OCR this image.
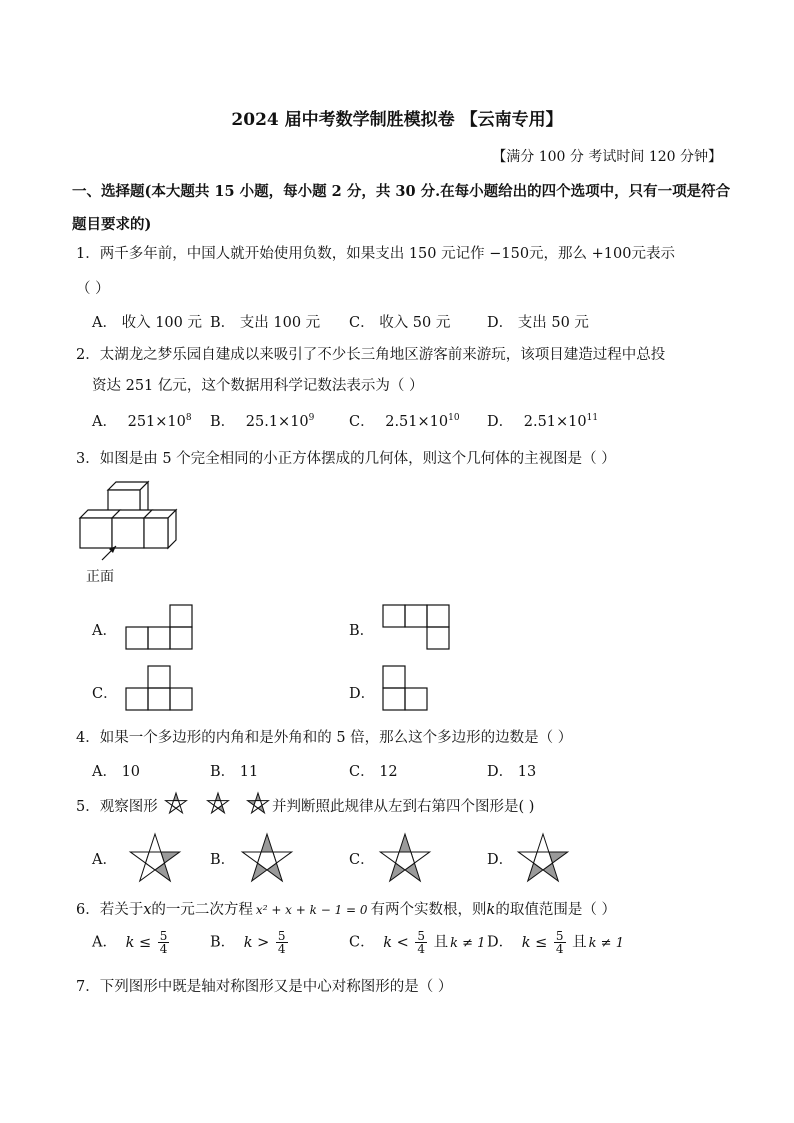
2024 届中考数学制胜模拟卷 【云南专用】
【满分 100 分 考试时间 120 分钟】
一、选择题(本大题共 15 小题，每小题 2 分，共 30 分.在每小题给出的四个选项中，只有一项是符合题目要求的)
1．两千多年前，中国人就开始使用负数，如果支出 150 元记作 −150元，那么 +100元表示
（ ）
A． 收入 100 元 B． 支出 100 元 C． 收入 50 元	D． 支出 50 元
2．太湖龙之梦乐园自建成以来吸引了不少长三角地区游客前来游玩，该项目建造过程中总投
资达 251 亿元，这个数据用科学记数法表示为（ ）
A． $251\times 10^8$ B． $25.1\times 10^9$ C． $2.51\times 10^{10}$ D． $2.51\times 10^{11}$
3．如图是由 5 个完全相同的小正方体摆成的几何体，则这个几何体的主视图是（ ）
正面
A．	B．
C．	D．
4．如果一个多边形的内角和是外角和的 5 倍，那么这个多边形的边数是（ ）
A． 10	B． 11	C． 12	D． 13
5．观察图形	并判断照此规律从左到右第四个图形是( )
A．	B．	C．	D．
6．若关于x的一元二次方程 x² + x + k − 1 = 0 有两个实数根，则k的取值范围是（ ）
A． $k \le \frac{5}{4}$	B． $k > \frac{5}{4}$	C． $k < \frac{5}{4}$ 且 k ≠ 1 D． $k \le \frac{5}{4}$ 且 k ≠ 1
7．下列图形中既是轴对称图形又是中心对称图形的是（ ）
